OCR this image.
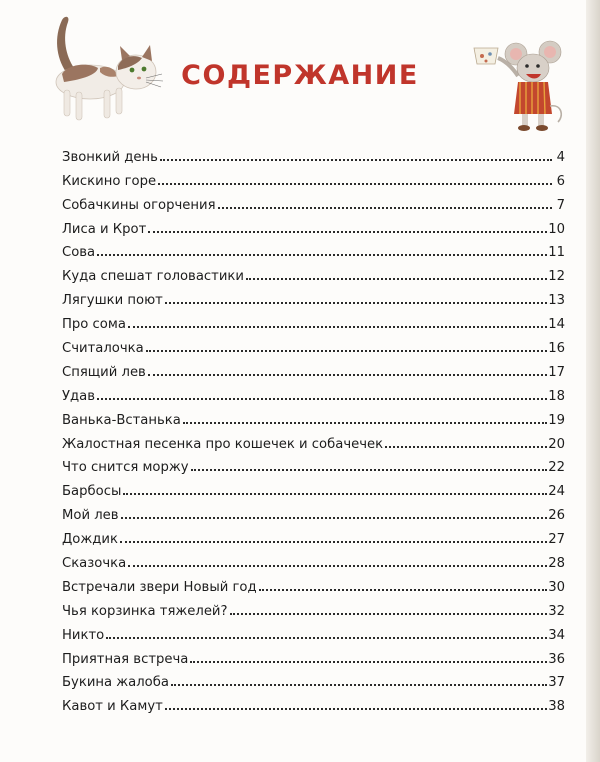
СОДЕРЖАНИЕ
Звонкий день	4
Кискино горе	6
Собачкины огорчения	7
Лиса и Крот	10
Сова	11
Куда спешат головастики	12
Лягушки поют	13
Про сома	14
Считалочка	16
Спящий лев	17
Удав	18
Ванька-Встанька	19
Жалостная песенка про кошечек и собачечек	20
Что снится моржу	22
Барбосы	24
Мой лев	26
Дождик	27
Сказочка	28
Встречали звери Новый год	30
Чья корзинка тяжелей?	32
Никто	34
Приятная встреча	36
Букина жалоба	37
Кавот и Камут	38
